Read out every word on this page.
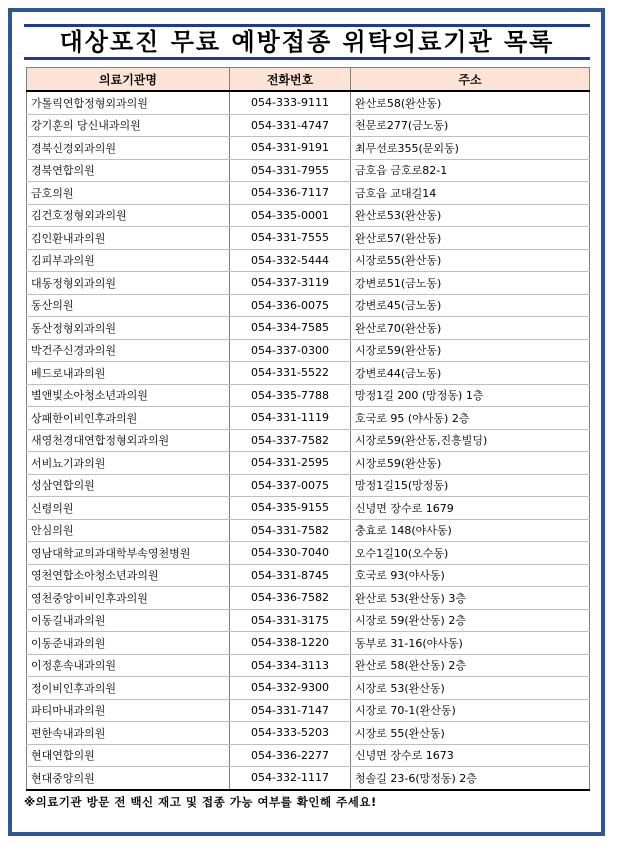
대상포진 무료 예방접종 위탁의료기관 목록
의료기관명	전화번호	주소
가톨릭연합정형외과의원	054-333-9111	완산로58(완산동)
강기훈의 당신내과의원	054-331-4747	천문로277(금노동)
경북신경외과의원	054-331-9191	최무선로355(문외동)
경북연합의원	054-331-7955	금호읍 금호로82-1
금호의원	054-336-7117	금호읍 교대길14
김건호정형외과의원	054-335-0001	완산로53(완산동)
김인환내과의원	054-331-7555	완산로57(완산동)
김피부과의원	054-332-5444	시장로55(완산동)
대동정형외과의원	054-337-3119	강변로51(금노동)
동산의원	054-336-0075	강변로45(금노동)
동산정형외과의원	054-334-7585	완산로70(완산동)
박건주신경과의원	054-337-0300	시장로59(완산동)
베드로내과의원	054-331-5522	강변로44(금노동)
별앤빛소아청소년과의원	054-335-7788	망정1길 200 (망정동) 1층
상패한이비인후과의원	054-331-1119	호국로 95 (야사동) 2층
새영천경대연합정형외과의원	054-337-7582	시장로59(완산동,진흥빌딩)
서비뇨기과의원	054-331-2595	시장로59(완산동)
성삼연합의원	054-337-0075	망정1길15(망정동)
신령의원	054-335-9155	신녕면 장수로 1679
안심의원	054-331-7582	충효로 148(야사동)
영남대학교의과대학부속영천병원	054-330-7040	오수1길10(오수동)
영천연합소아청소년과의원	054-331-8745	호국로 93(야사동)
영천중앙이비인후과의원	054-336-7582	완산로 53(완산동) 3층
이동길내과의원	054-331-3175	시장로 59(완산동) 2층
이동준내과의원	054-338-1220	동부로 31-16(야사동)
이정훈속내과의원	054-334-3113	완산로 58(완산동) 2층
정이비인후과의원	054-332-9300	시장로 53(완산동)
파티마내과의원	054-331-7147	시장로 70-1(완산동)
편한속내과의원	054-333-5203	시장로 55(완산동)
현대연합의원	054-336-2277	신녕면 장수로 1673
현대중앙의원	054-332-1117	청솔길 23-6(망정동) 2층
※의료기관 방문 전 백신 재고 및 접종 가능 여부를 확인해 주세요!
